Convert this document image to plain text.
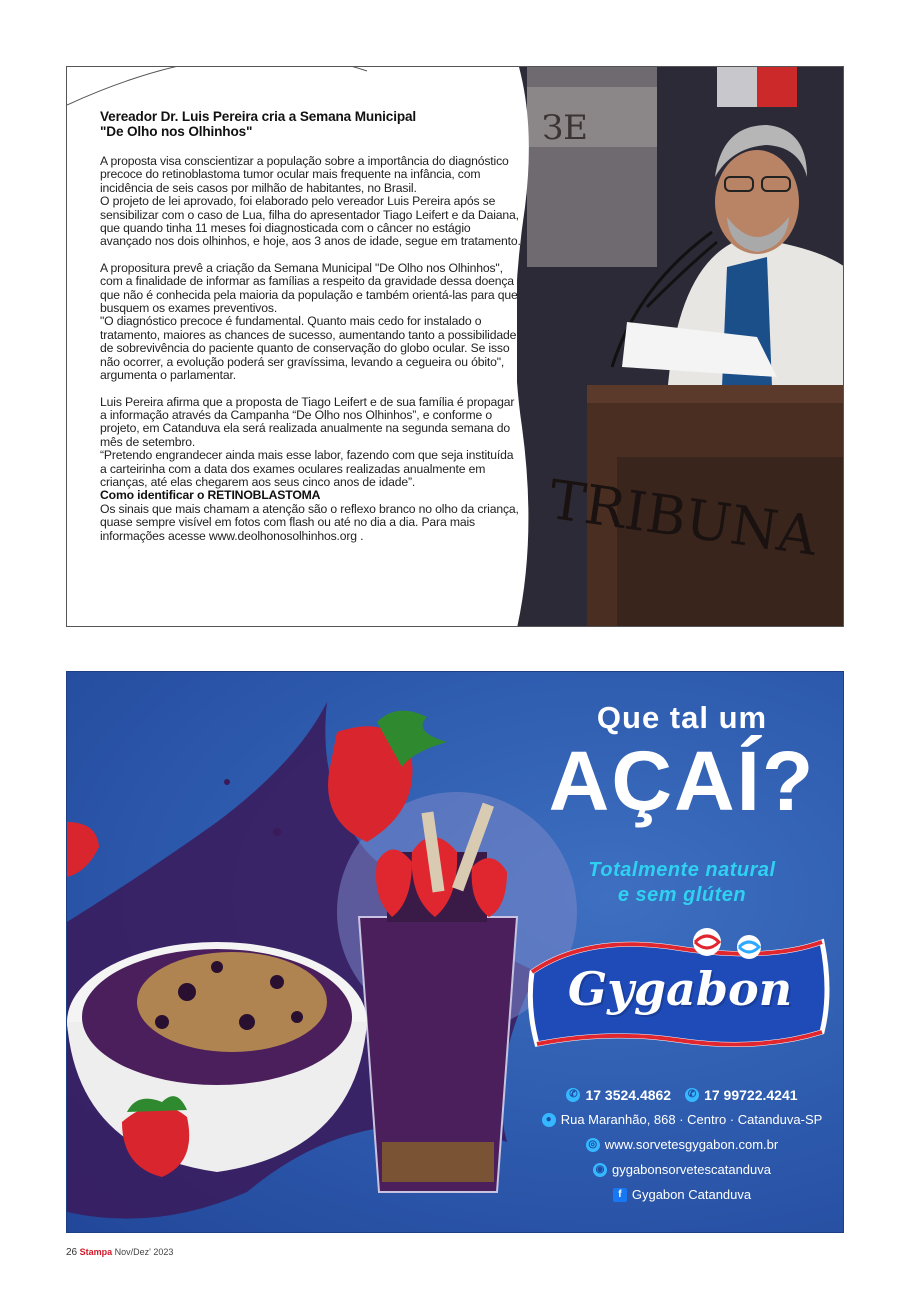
ЗЕ
TRIBUNA
Vereador Dr. Luis Pereira cria a Semana Municipal
"De Olho nos Olhinhos"

A proposta visa conscientizar a população sobre a importância do diagnóstico precoce do retinoblastoma tumor ocular mais frequente na infância, com incidência de seis casos por milhão de habitantes, no Brasil.

O projeto de lei aprovado, foi elaborado pelo vereador Luis Pereira após se sensibilizar com o caso de Lua, filha do apresentador Tiago Leifert e da Daiana, que quando tinha 11 meses foi diagnosticada com o câncer no estágio avançado nos dois olhinhos, e hoje, aos 3 anos de idade, segue em tratamento.

A propositura prevê a criação da Semana Municipal "De Olho nos Olhinhos", com a finalidade de informar as famílias a respeito da gravidade dessa doença que não é conhecida pela maioria da população e também orientá-las para que busquem os exames preventivos.

"O diagnóstico precoce é fundamental. Quanto mais cedo for instalado o tratamento, maiores as chances de sucesso, aumentando tanto a possibilidade de sobrevivência do paciente quanto de conservação do globo ocular. Se isso não ocorrer, a evolução poderá ser gravíssima, levando a cegueira ou óbito", argumenta o parlamentar.

Luis Pereira afirma que a proposta de Tiago Leifert e de sua família é propagar a informação através da Campanha “De Olho nos Olhinhos”, e conforme o projeto, em Catanduva ela será realizada anualmente na segunda semana do mês de setembro.

“Pretendo engrandecer ainda mais esse labor, fazendo com que seja instituída a carteirinha com a data dos exames oculares realizadas anualmente em crianças, até elas chegarem aos seus cinco anos de idade”.

Como identificar o RETINOBLASTOMA

Os sinais que mais chamam a atenção são o reflexo branco no olho da criança, quase sempre visível em fotos com flash ou até no dia a dia. Para mais informações acesse www.deolhonosolhinhos.org .

Que tal um
AÇAÍ?
Totalmente natural
e sem glúten
Gygabon
✆ 17 3524.4862 ✆ 17 99722.4241
● Rua Maranhão, 868 · Centro · Catanduva-SP
◎ www.sorvetesgygabon.com.br
◉ gygabonsorvetescatanduva
f Gygabon Catanduva
26 Stampa Nov/Dez' 2023
